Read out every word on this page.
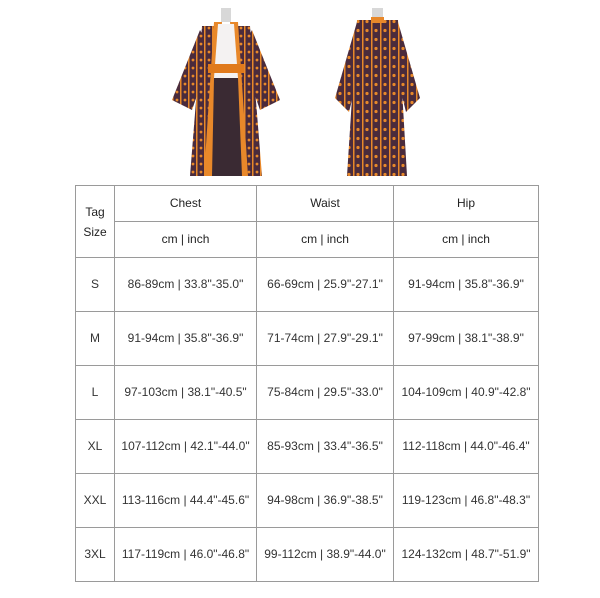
Tag
Size	Chest	Waist	Hip
	cm | inch	cm | inch	cm | inch
S	86-89cm | 33.8"-35.0"	66-69cm | 25.9"-27.1"	91-94cm | 35.8"-36.9"
M	91-94cm | 35.8"-36.9"	71-74cm | 27.9"-29.1"	97-99cm | 38.1"-38.9"
L	97-103cm | 38.1"-40.5"	75-84cm | 29.5"-33.0"	104-109cm | 40.9"-42.8"
XL	107-112cm | 42.1"-44.0"	85-93cm | 33.4"-36.5"	112-118cm | 44.0"-46.4"
XXL	113-116cm | 44.4"-45.6"	94-98cm | 36.9"-38.5"	119-123cm | 46.8"-48.3"
3XL	117-119cm | 46.0"-46.8"	99-112cm | 38.9"-44.0"	124-132cm | 48.7"-51.9"
